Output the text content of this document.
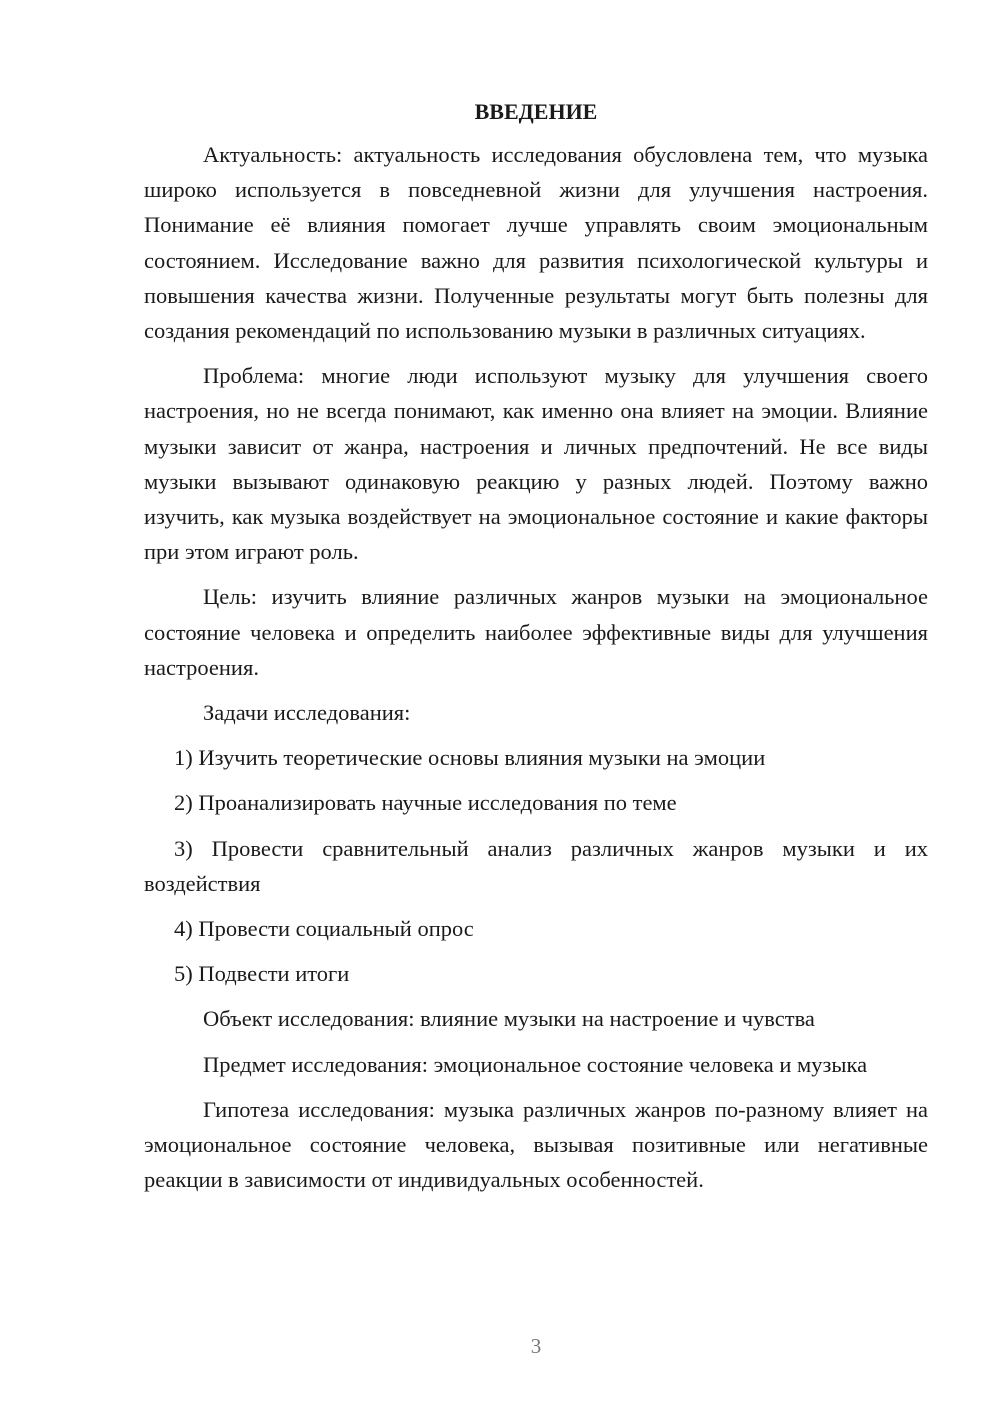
ВВЕДЕНИЕ

Актуальность: актуальность исследования обусловлена тем, что музыка широко используется в повседневной жизни для улучшения настроения. Понимание её влияния помогает лучше управлять своим эмоциональным состоянием. Исследование важно для развития психологической культуры и повышения качества жизни. Полученные результаты могут быть полезны для создания рекомендаций по использованию музыки в различных ситуациях.

Проблема: многие люди используют музыку для улучшения своего настроения, но не всегда понимают, как именно она влияет на эмоции. Влияние музыки зависит от жанра, настроения и личных предпочтений. Не все виды музыки вызывают одинаковую реакцию у разных людей. Поэтому важно изучить, как музыка воздействует на эмоциональное состояние и какие факторы при этом играют роль.

Цель: изучить влияние различных жанров музыки на эмоциональное состояние человека и определить наиболее эффективные виды для улучшения настроения.

Задачи исследования:

1) Изучить теоретические основы влияния музыки на эмоции

2) Проанализировать научные исследования по теме

3) Провести сравнительный анализ различных жанров музыки и их воздействия

4) Провести социальный опрос

5) Подвести итоги

Объект исследования: влияние музыки на настроение и чувства

Предмет исследования: эмоциональное состояние человека и музыка

Гипотеза исследования: музыка различных жанров по-разному влияет на эмоциональное состояние человека, вызывая позитивные или негативные реакции в зависимости от индивидуальных особенностей.

3
